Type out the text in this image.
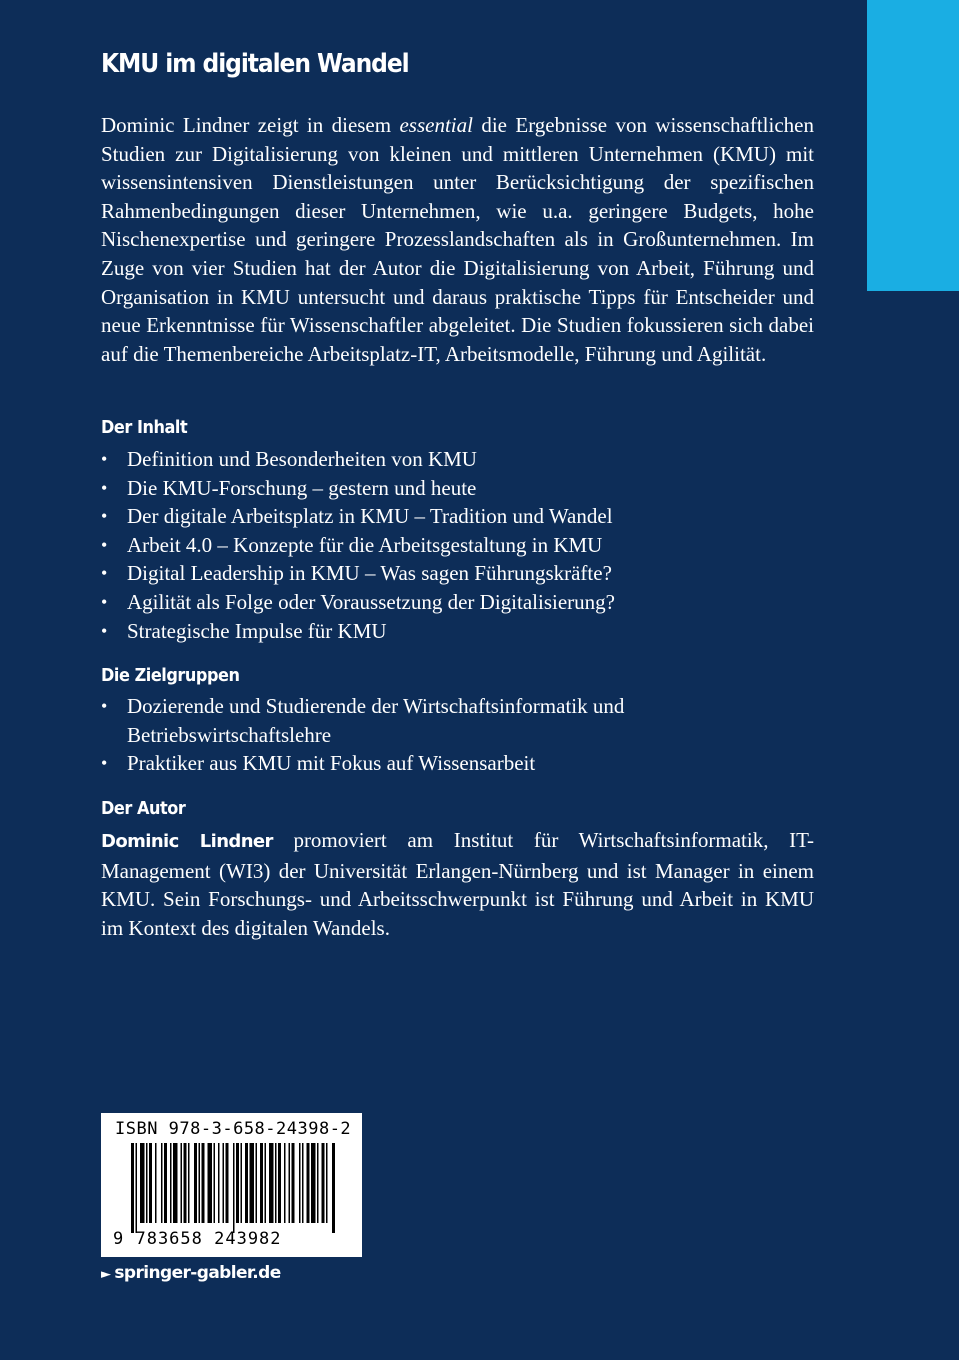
KMU im digitalen Wandel

Dominic Lindner zeigt in diesem essential die Ergebnisse von wissenschaftlichen Studien zur Digitalisierung von kleinen und mittleren Unternehmen (KMU) mit wissensintensiven Dienstleistungen unter Berücksichtigung der spezifischen Rahmenbedingungen dieser Unternehmen, wie u.a. geringere Budgets, hohe Nischenexpertise und geringere Prozesslandschaften als in Großunternehmen. Im Zuge von vier Studien hat der Autor die Digitalisierung von Arbeit, Führung und Organisation in KMU untersucht und daraus praktische Tipps für Entscheider und neue Erkenntnisse für Wissenschaftler abgeleitet. Die Studien fokussieren sich dabei auf die Themenbereiche Arbeitsplatz-IT, Arbeitsmodelle, Führung und Agilität.

Der Inhalt
• Definition und Besonderheiten von KMU
• Die KMU-Forschung – gestern und heute
• Der digitale Arbeitsplatz in KMU – Tradition und Wandel
• Arbeit 4.0 – Konzepte für die Arbeitsgestaltung in KMU
• Digital Leadership in KMU – Was sagen Führungskräfte?
• Agilität als Folge oder Voraussetzung der Digitalisierung?
• Strategische Impulse für KMU
Die Zielgruppen
• Dozierende und Studierende der Wirtschaftsinformatik und Betriebswirtschaftslehre
• Praktiker aus KMU mit Fokus auf Wissensarbeit
Der Autor
Dominic Lindner promoviert am Institut für Wirtschaftsinformatik, IT-Management (WI3) der Universität Erlangen-Nürnberg und ist Manager in einem KMU. Sein Forschungs- und Arbeitsschwerpunkt ist Führung und Arbeit in KMU im Kontext des digitalen Wandels.
ISBN 978-3-658-24398-2
9 783658 243982
► springer-gabler.de
